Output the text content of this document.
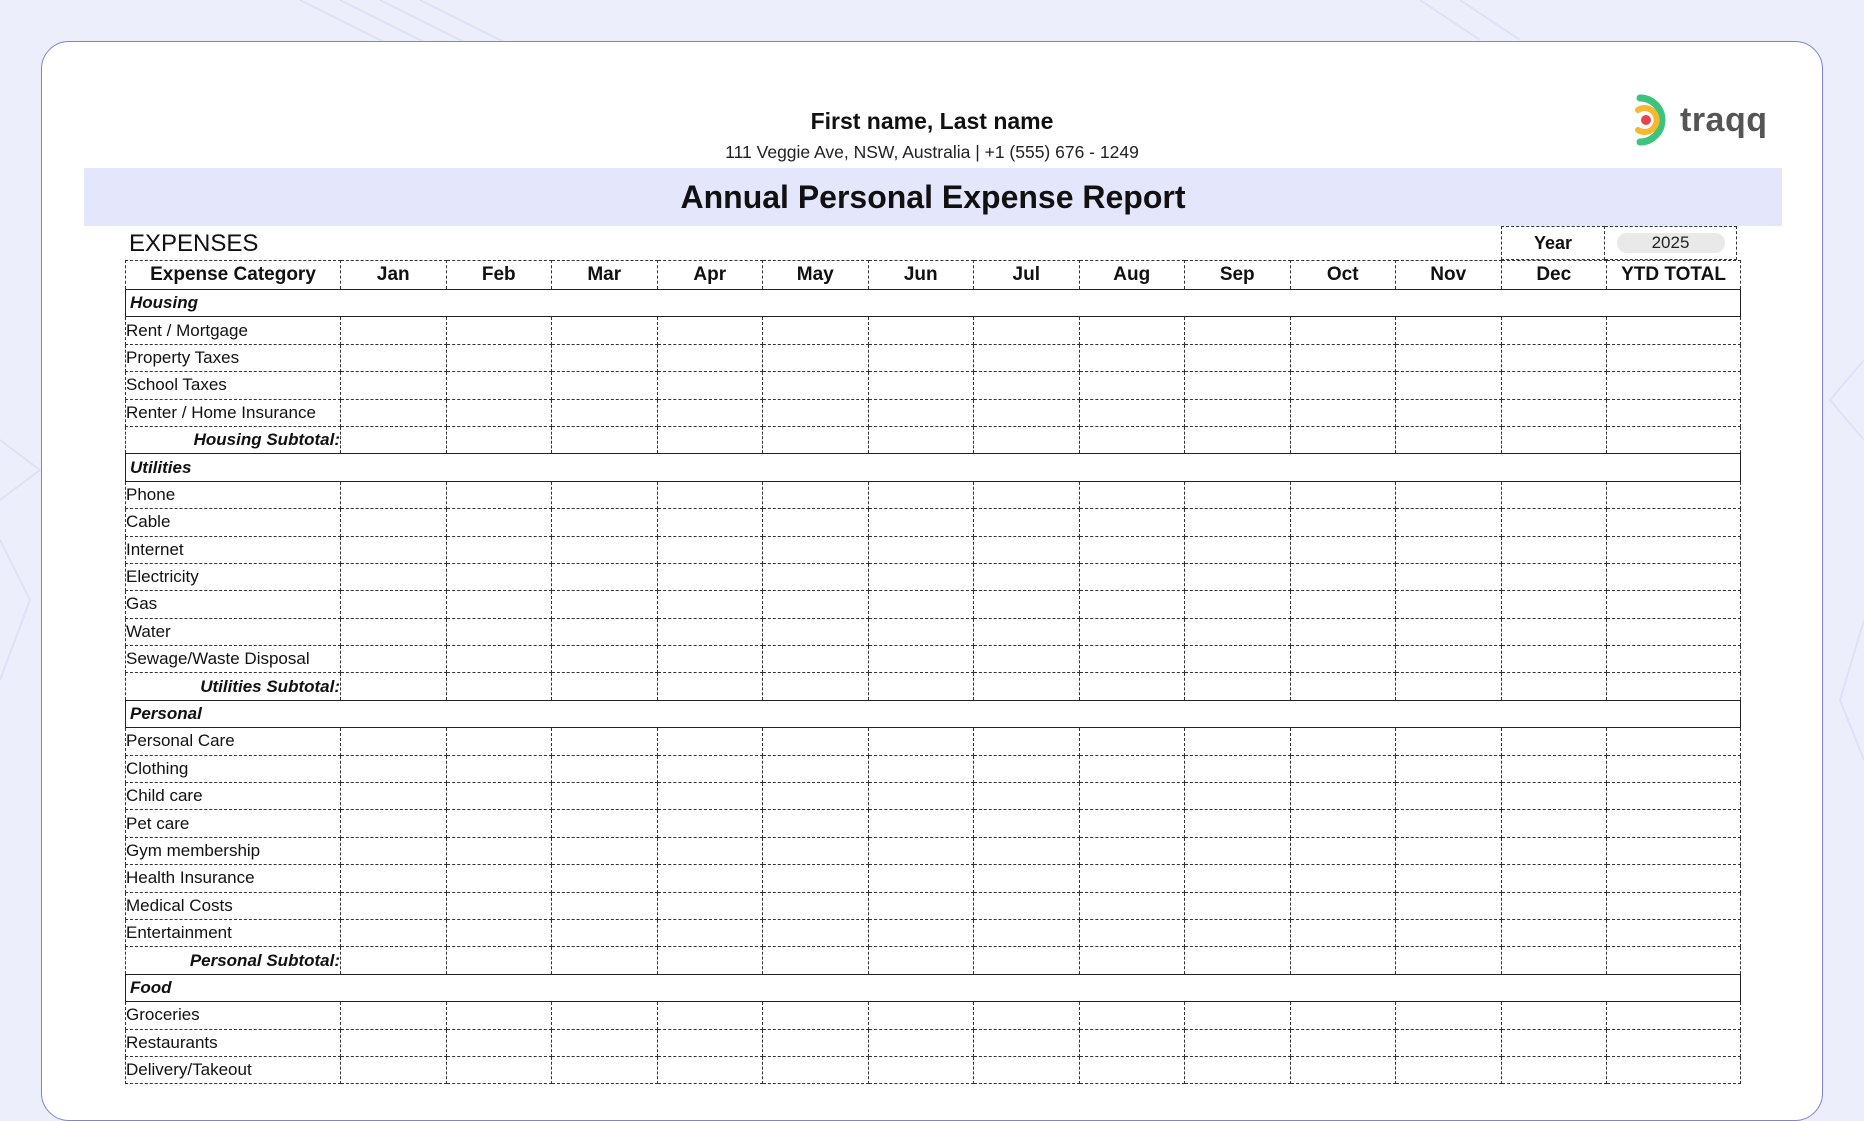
First name, Last name
111 Veggie Ave, NSW, Australia | +1 (555) 676 - 1249
traqq
Annual Personal Expense Report
EXPENSES	Year	2025
Expense Category	Jan	Feb	Mar	Apr	May	Jun	Jul	Aug	Sep	Oct	Nov	Dec	YTD TOTAL
Housing													
Rent / Mortgage													
Property Taxes													
School Taxes													
Renter / Home Insurance													
Housing Subtotal:													
Utilities													
Phone													
Cable													
Internet													
Electricity													
Gas													
Water													
Sewage/Waste Disposal													
Utilities Subtotal:													
Personal													
Personal Care													
Clothing													
Child care													
Pet care													
Gym membership													
Health Insurance													
Medical Costs													
Entertainment													
Personal Subtotal:													
Food													
Groceries													
Restaurants													
Delivery/Takeout													
